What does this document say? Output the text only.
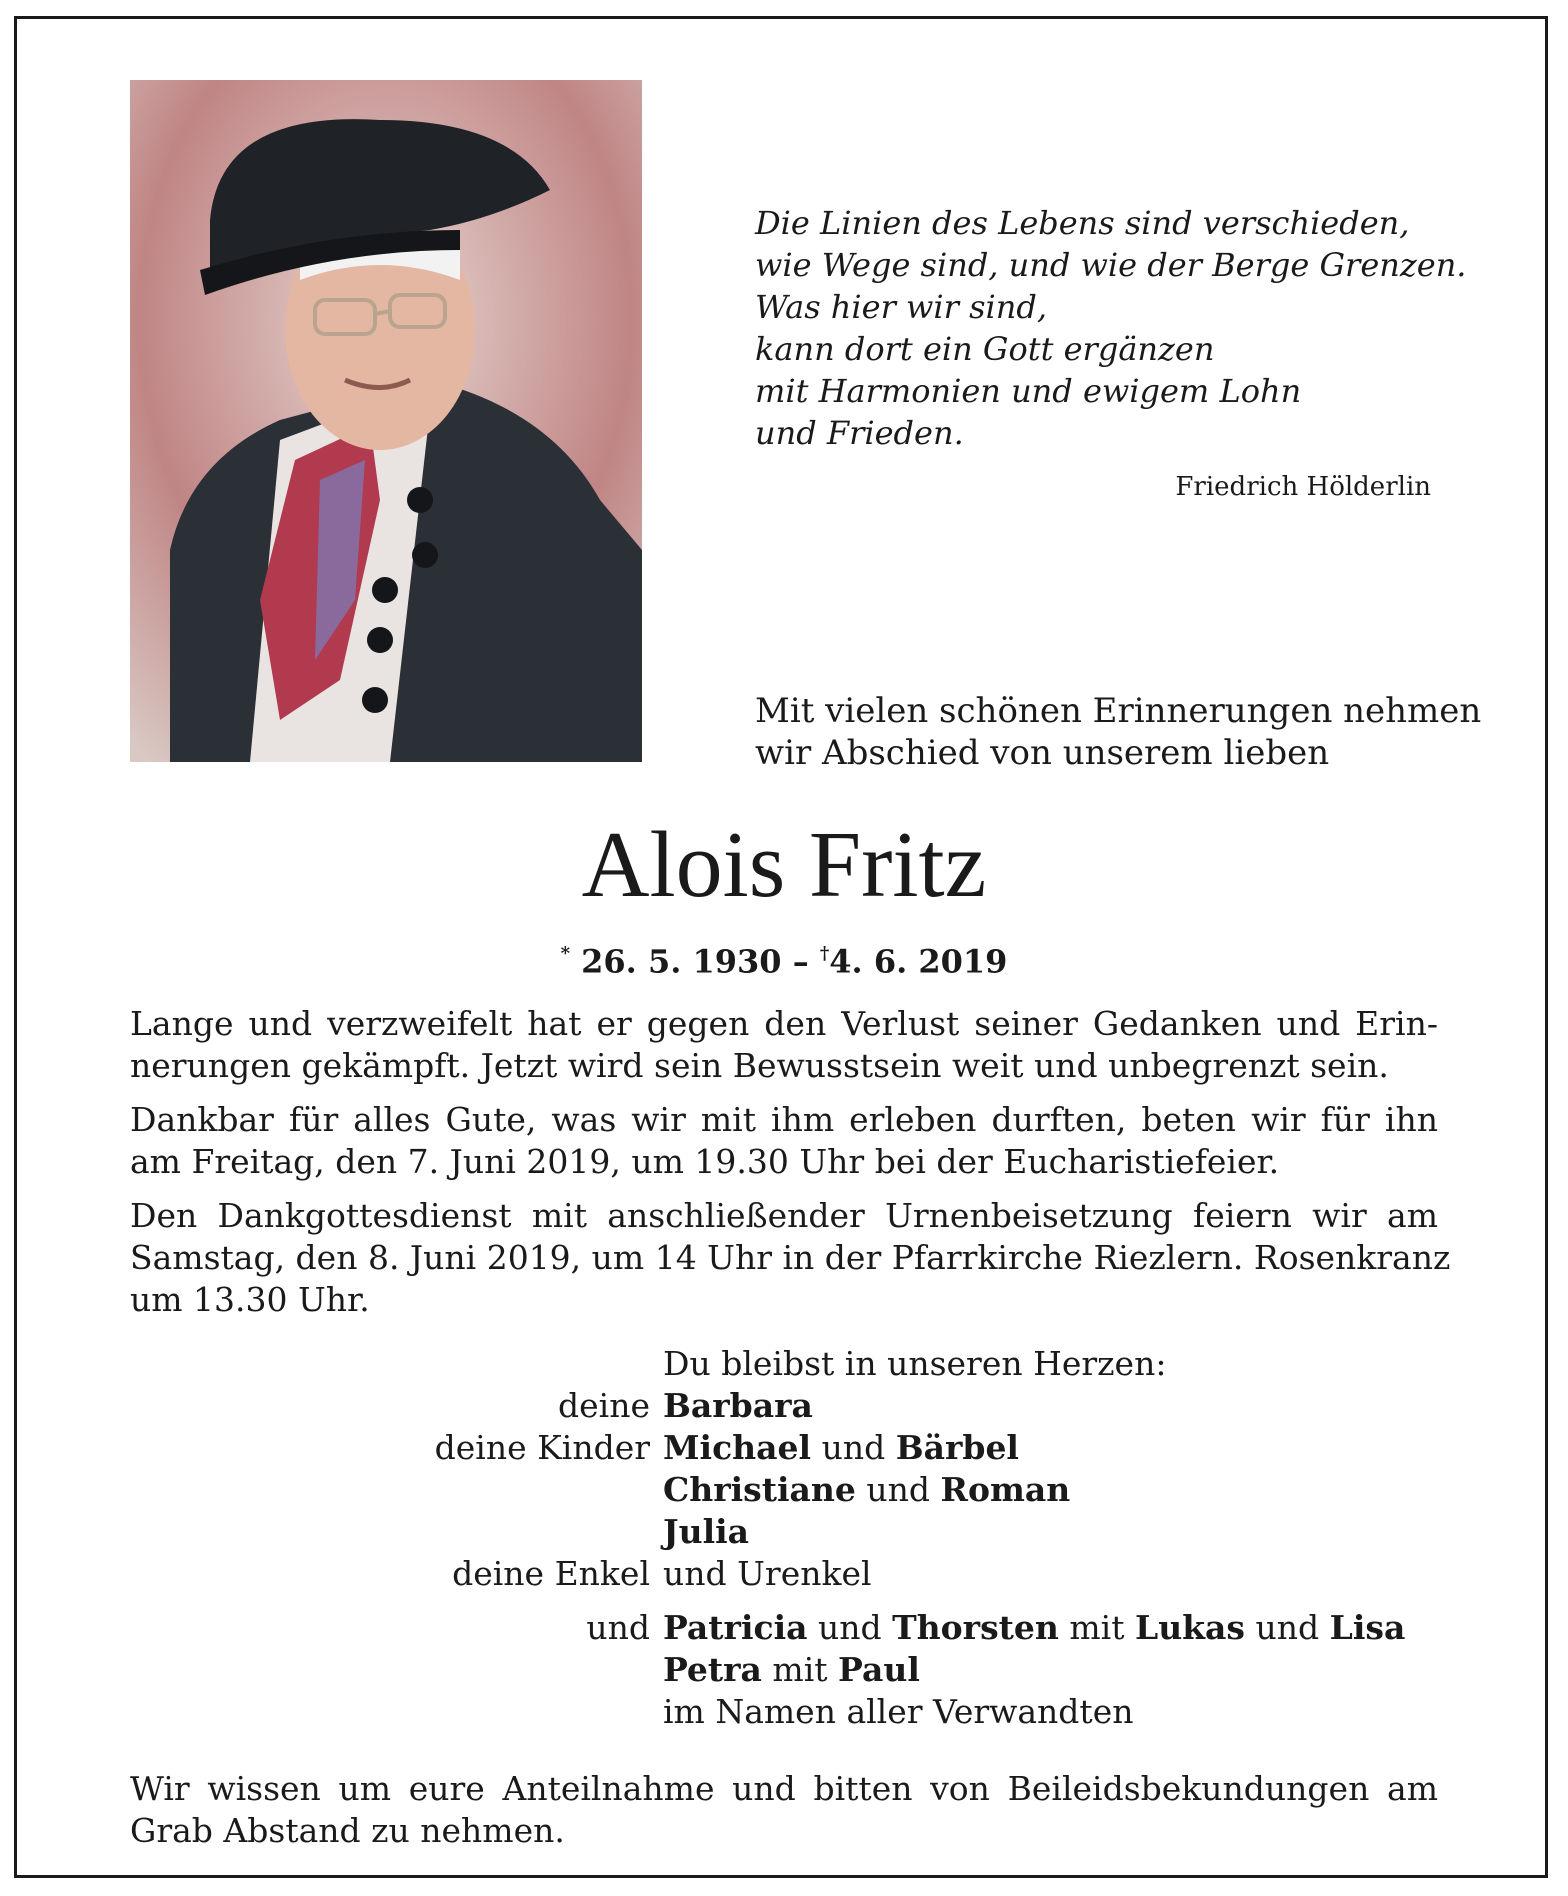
Die Linien des Lebens sind verschieden,
wie Wege sind, und wie der Berge Grenzen.
Was hier wir sind,
kann dort ein Gott ergänzen
mit Harmonien und ewigem Lohn
und Frieden.
Friedrich Hölderlin
Mit vielen schönen Erinnerungen nehmen
wir Abschied von unserem lieben
Alois Fritz
* 26. 5. 1930 – †4. 6. 2019

Lange und verzweifelt hat er gegen den Verlust seiner Gedanken und Erin-
nerungen gekämpft. Jetzt wird sein Bewusstsein weit und unbegrenzt sein.

Dankbar für alles Gute, was wir mit ihm erleben durften, beten wir für ihn
am Freitag, den 7. Juni 2019, um 19.30 Uhr bei der Eucharistiefeier.

Den Dankgottesdienst mit anschließender Urnenbeisetzung feiern wir am
Samstag, den 8. Juni 2019, um 14 Uhr in der Pfarrkirche Riezlern. Rosenkranz
um 13.30 Uhr.

Du bleibst in unseren Herzen:
deine Barbara
deine Kinder Michael und Bärbel
Christiane und Roman
Julia
deine Enkel und Urenkel
und Patricia und Thorsten mit Lukas und Lisa
Petra mit Paul
im Namen aller Verwandten
Wir wissen um eure Anteilnahme und bitten von Beileidsbekundungen am
Grab Abstand zu nehmen.
